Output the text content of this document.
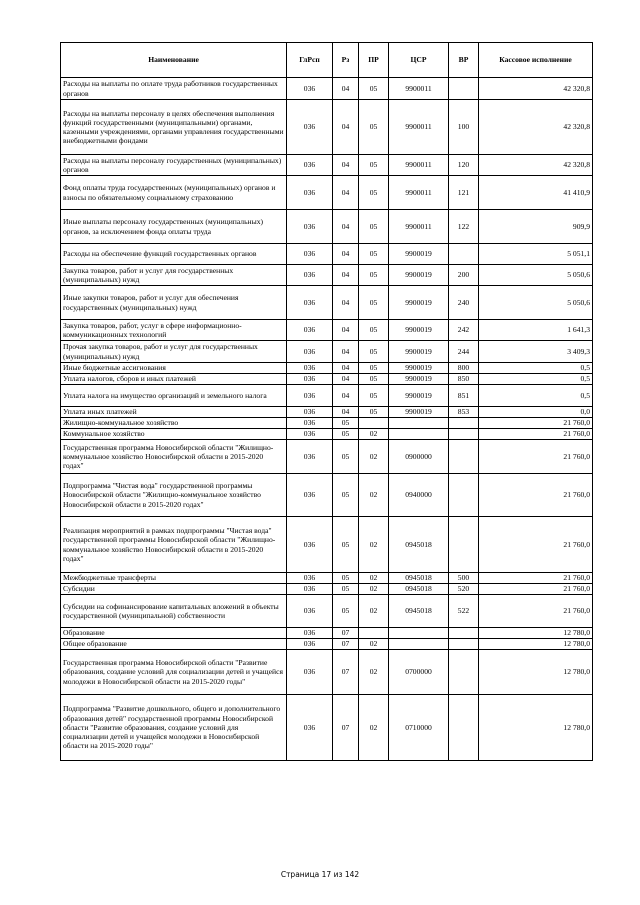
Наименование	ГлРсп	Рз	ПР	ЦСР	ВР	Кассовое исполнение
Расходы на выплаты по оплате труда работников государственных органов	036	04	05	9900011		42 320,8
Расходы на выплаты персоналу в целях обеспечения выполнения функций государственными (муниципальными) органами, казенными учреждениями, органами управления государственными внебюджетными фондами	036	04	05	9900011	100	42 320,8
Расходы на выплаты персоналу государственных (муниципальных) органов	036	04	05	9900011	120	42 320,8
Фонд оплаты труда государственных (муниципальных) органов и взносы по обязательному социальному страхованию	036	04	05	9900011	121	41 410,9
Иные выплаты персоналу государственных (муниципальных) органов, за исключением фонда оплаты труда	036	04	05	9900011	122	909,9
Расходы на обеспечение функций государственных органов	036	04	05	9900019		5 051,1
Закупка товаров, работ и услуг для государственных (муниципальных) нужд	036	04	05	9900019	200	5 050,6
Иные закупки товаров, работ и услуг для обеспечения государственных (муниципальных) нужд	036	04	05	9900019	240	5 050,6
Закупка товаров, работ, услуг в сфере информационно-коммуникационных технологий	036	04	05	9900019	242	1 641,3
Прочая закупка товаров, работ и услуг для государственных (муниципальных) нужд	036	04	05	9900019	244	3 409,3
Иные бюджетные ассигнования	036	04	05	9900019	800	0,5
Уплата налогов, сборов и иных платежей	036	04	05	9900019	850	0,5
Уплата налога на имущество организаций и земельного налога	036	04	05	9900019	851	0,5
Уплата иных платежей	036	04	05	9900019	853	0,0
Жилищно-коммунальное хозяйство	036	05				21 760,0
Коммунальное хозяйство	036	05	02			21 760,0
Государственная программа Новосибирской области "Жилищно-коммунальное хозяйство Новосибирской области в 2015-2020 годах"	036	05	02	0900000		21 760,0
Подпрограмма "Чистая вода" государственной программы Новосибирской области "Жилищно-коммунальное хозяйство Новосибирской области в 2015-2020 годах"	036	05	02	0940000		21 760,0
Реализация мероприятий в рамках подпрограммы "Чистая вода" государственной программы Новосибирской области "Жилищно-коммунальное хозяйство Новосибирской области в 2015-2020 годах"	036	05	02	0945018		21 760,0
Межбюджетные трансферты	036	05	02	0945018	500	21 760,0
Субсидии	036	05	02	0945018	520	21 760,0
Субсидии на софинансирование капитальных вложений в объекты государственной (муниципальной) собственности	036	05	02	0945018	522	21 760,0
Образование	036	07				12 780,0
Общее образование	036	07	02			12 780,0
Государственная программа Новосибирской области "Развитие образования, создание условий для социализации детей и учащейся молодежи в Новосибирской области на 2015-2020 годы"	036	07	02	0700000		12 780,0
Подпрограмма "Развитие дошкольного, общего и дополнительного образования детей" государственной программы Новосибирской области "Развитие образования, создание условий для социализации детей и учащейся молодежи в Новосибирской области на 2015-2020 годы"	036	07	02	0710000		12 780,0
Страница 17 из 142
